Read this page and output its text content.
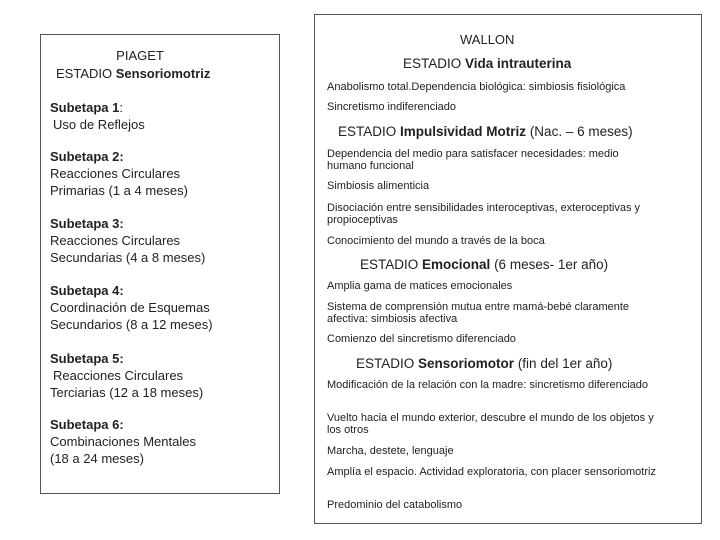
PIAGET
ESTADIO Sensoriomotriz
Subetapa 1:
Uso de Reflejos
Subetapa 2:
Reacciones Circulares
Primarias (1 a 4 meses)
Subetapa 3:
Reacciones Circulares
Secundarias (4 a 8 meses)
Subetapa 4:
Coordinación de Esquemas
Secundarios (8 a 12 meses)
Subetapa 5:
Reacciones Circulares
Terciarias (12 a 18 meses)
Subetapa 6:
Combinaciones Mentales
(18 a 24 meses)
WALLON
ESTADIO Vida intrauterina
Anabolismo total.Dependencia biológica: simbiosis fisiológica
Sincretismo indiferenciado
ESTADIO Impulsividad Motriz (Nac. – 6 meses)
Dependencia del medio para satisfacer necesidades: medio humano funcional
Simbiosis alimenticia
Disociación entre sensibilidades interoceptivas, exteroceptivas y propioceptivas
Conocimiento del mundo a través de la boca
ESTADIO Emocional (6 meses- 1er año)
Amplia gama de matices emocionales
Sistema de comprensión mutua entre mamá-bebé claramente afectiva: simbiosis afectiva
Comienzo del sincretismo diferenciado
ESTADIO Sensoriomotor (fin del 1er año)
Modificación de la relación con la madre: sincretismo diferenciado
Vuelto hacia el mundo exterior, descubre el mundo de los objetos y los otros
Marcha, destete, lenguaje
Amplía el espacio. Actividad exploratoria, con placer sensoriomotriz
Predominio del catabolismo
